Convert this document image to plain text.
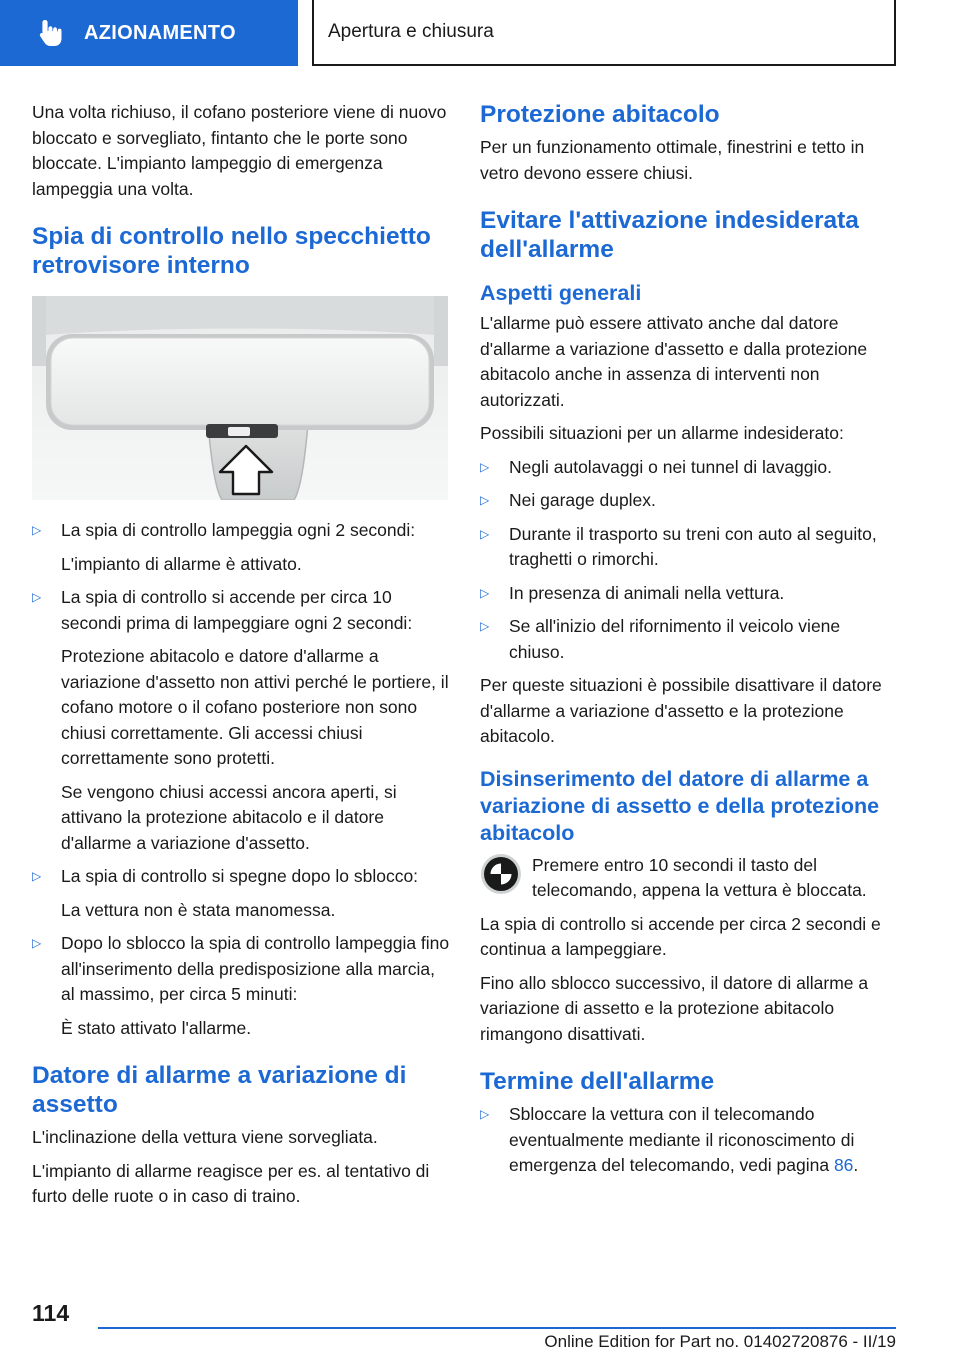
AZIONAMENTO	Apertura e chiusura

Una volta richiuso, il cofano posteriore viene di nuovo bloccato e sorvegliato, fintanto che le porte sono bloccate. L'impianto lampeggio di emergenza lampeggia una volta.

Spia di controllo nello specchietto retrovisore interno
▷ La spia di controllo lampeggia ogni 2 secondi:
L'impianto di allarme è attivato.
▷ La spia di controllo si accende per circa 10 secondi prima di lampeggiare ogni 2 secondi:
Protezione abitacolo e datore d'allarme a variazione d'assetto non attivi perché le portiere, il cofano motore o il cofano posteriore non sono chiusi correttamente. Gli accessi chiusi correttamente sono protetti.
Se vengono chiusi accessi ancora aperti, si attivano la protezione abitacolo e il datore d'allarme a variazione d'assetto.
▷ La spia di controllo si spegne dopo lo sblocco:
La vettura non è stata manomessa.
▷ Dopo lo sblocco la spia di controllo lampeggia fino all'inserimento della predisposizione alla marcia, al massimo, per circa 5 minuti:
È stato attivato l'allarme.
Datore di allarme a variazione di assetto

L'inclinazione della vettura viene sorvegliata.

L'impianto di allarme reagisce per es. al tentativo di furto delle ruote o in caso di traino.

Protezione abitacolo

Per un funzionamento ottimale, finestrini e tetto in vetro devono essere chiusi.

Evitare l'attivazione indesiderata dell'allarme
Aspetti generali

L'allarme può essere attivato anche dal datore d'allarme a variazione d'assetto e dalla protezione abitacolo anche in assenza di interventi non autorizzati.

Possibili situazioni per un allarme indesiderato:

▷ Negli autolavaggi o nei tunnel di lavaggio.
▷ Nei garage duplex.
▷ Durante il trasporto su treni con auto al seguito, traghetti o rimorchi.
▷ In presenza di animali nella vettura.
▷ Se all'inizio del rifornimento il veicolo viene chiuso.

Per queste situazioni è possibile disattivare il datore d'allarme a variazione d'assetto e la protezione abitacolo.

Disinserimento del datore di allarme a variazione di assetto e della protezione abitacolo

Premere entro 10 secondi il tasto del telecomando, appena la vettura è bloccata.

La spia di controllo si accende per circa 2 secondi e continua a lampeggiare.

Fino allo sblocco successivo, il datore di allarme a variazione di assetto e la protezione abitacolo rimangono disattivati.

Termine dell'allarme
▷ Sbloccare la vettura con il telecomando eventualmente mediante il riconoscimento di emergenza del telecomando, vedi pagina 86.
114
Online Edition for Part no. 01402720876 - II/19
